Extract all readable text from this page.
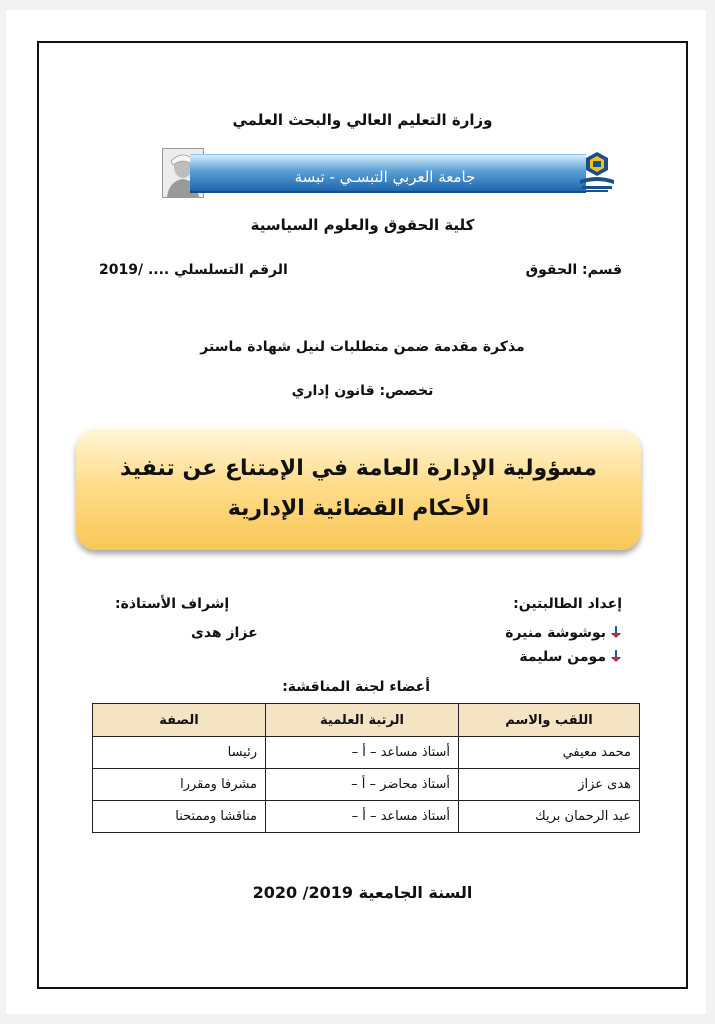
وزارة التعليم العالي والبحث العلمي
جامعة العربي التبسـي - تبسة
كلية الحقوق والعلوم السياسية
قسم: الحقوق
الرقم التسلسلي .... /2019
مذكرة مقدمة ضمن متطلبات لنيل شهادة ماستر
تخصص: قانون إداري
مسؤولية الإدارة العامة في الإمتناع عن تنفيذ الأحكام القضائية الإدارية
إعداد الطالبتين:
إشراف الأستاذة:
بوشوشة منيرة
مومن سليمة
عزاز هدى
أعضاء لجنة المناقشة:
اللقب والاسم	الرتبة العلمية	الصفة
محمد معيفي	أستاذ مساعد – أ –	رئيسا
هدى عزاز	أستاذ محاضر – أ –	مشرفا ومقررا
عبد الرحمان بريك	أستاذ مساعد – أ –	مناقشا وممتحنا
السنة الجامعية 2019/ 2020
